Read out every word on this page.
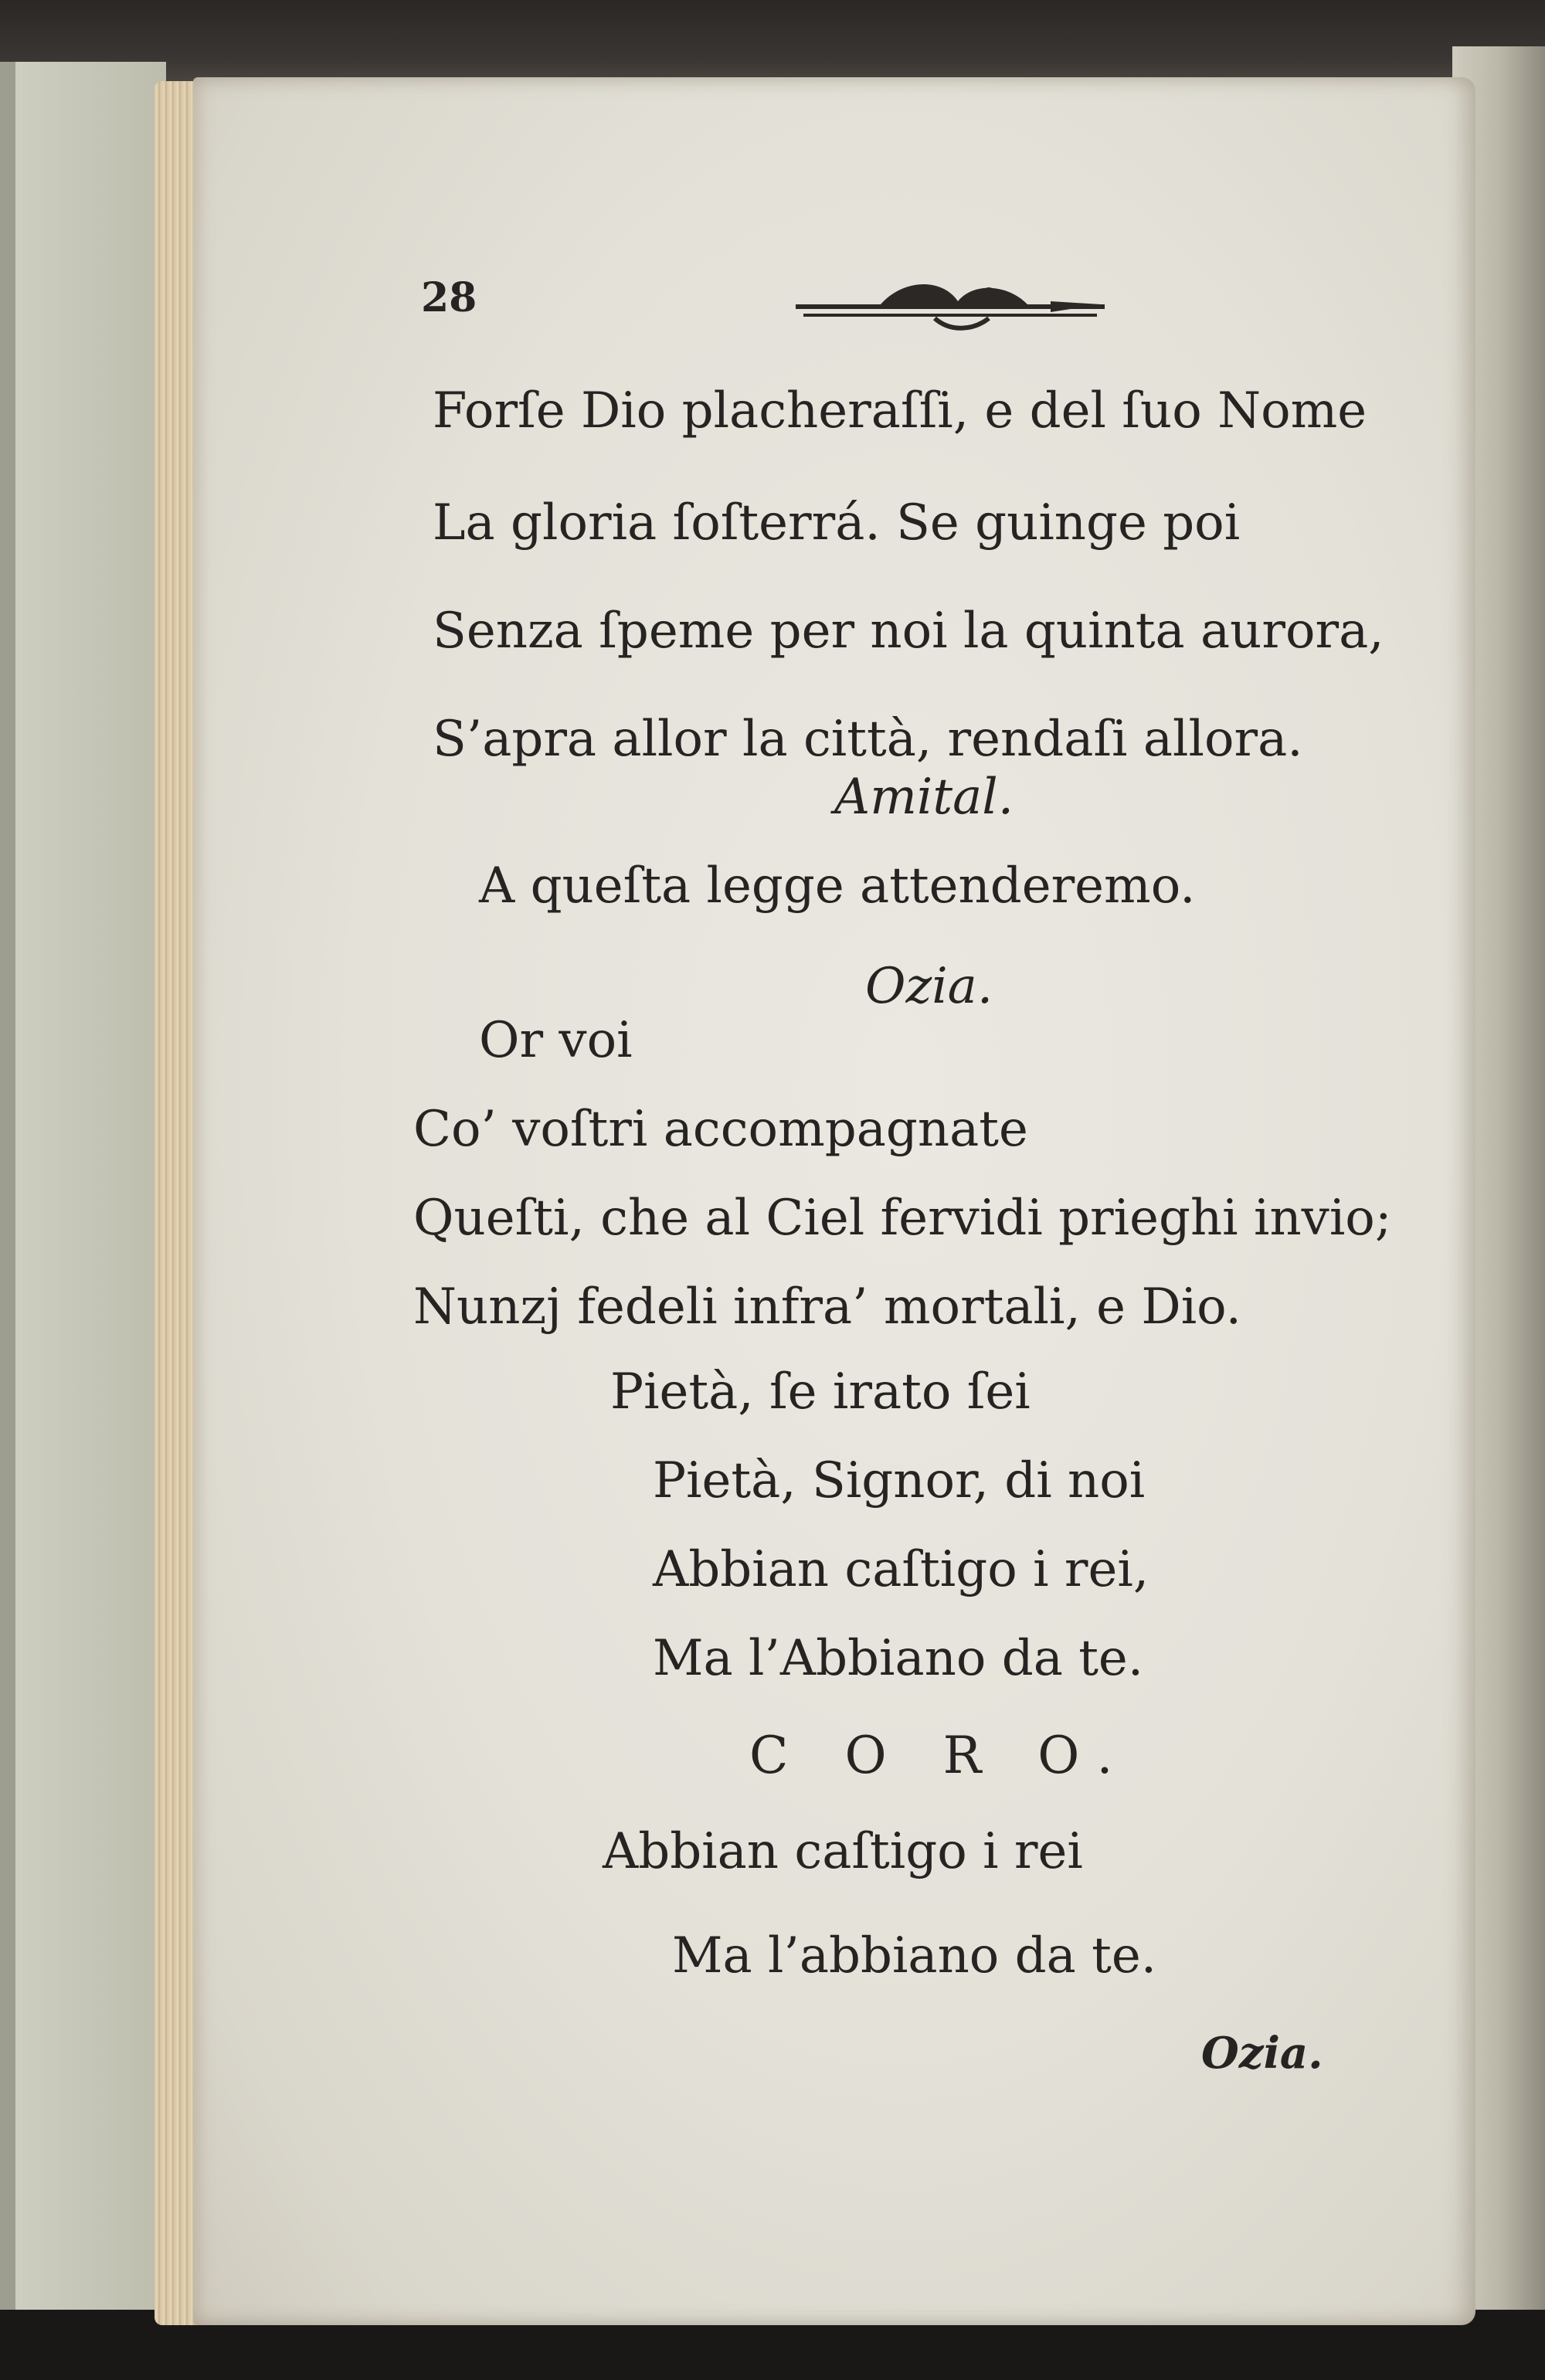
28
Forſe Dio placheraſſi, e del ſuo Nome
La gloria ſoſterrá. Se guinge poi
Senza ſpeme per noi la quinta aurora,
S’apra allor la città, rendaſi allora.
Amital.
A queſta legge attenderemo.
Ozia.
Or voi
Co’ voſtri accompagnate
Queſti, che al Ciel fervidi prieghi invio;
Nunzj fedeli infra’ mortali, e Dio.
Pietà, ſe irato ſei
Pietà, Signor, di noi
Abbian caſtigo i rei,
Ma l’Abbiano da te.
C O R O.
Abbian caſtigo i rei
Ma l’abbiano da te.
Ozia.
